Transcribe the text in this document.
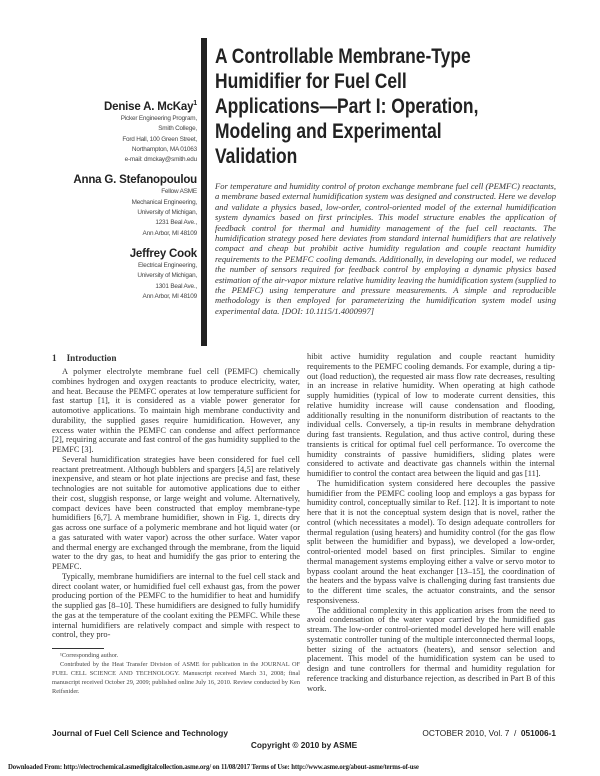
Denise A. McKay$^1$
Picker Engineering Program,
Smith College,
Ford Hall, 100 Green Street,
Northampton, MA 01063
e-mail: dmckay@smith.edu
Anna G. Stefanopoulou
Fellow ASME
Mechanical Engineering,
University of Michigan,
1231 Beal Ave.,
Ann Arbor, MI 48109
Jeffrey Cook
Electrical Engineering,
University of Michigan,
1301 Beal Ave.,
Ann Arbor, MI 48109
A Controllable Membrane-Type
Humidifier for Fuel Cell
Applications—Part I: Operation,
Modeling and Experimental
Validation
For temperature and humidity control of proton exchange membrane fuel cell (PEMFC) reactants, a membrane based external humidification system was designed and constructed. Here we develop and validate a physics based, low-order, control-oriented model of the external humidification system dynamics based on first principles. This model structure enables the application of feedback control for thermal and humidity management of the fuel cell reactants. The humidification strategy posed here deviates from standard internal humidifiers that are relatively compact and cheap but prohibit active humidity regulation and couple reactant humidity requirements to the PEMFC cooling demands. Additionally, in developing our model, we reduced the number of sensors required for feedback control by employing a dynamic physics based estimation of the air-vapor mixture relative humidity leaving the humidification system (supplied to the PEMFC) using temperature and pressure measurements. A simple and reproducible methodology is then employed for parameterizing the humidification system model using experimental data. [DOI: 10.1115/1.4000997]
1 Introduction

A polymer electrolyte membrane fuel cell (PEMFC) chemically combines hydrogen and oxygen reactants to produce electricity, water, and heat. Because the PEMFC operates at low temperature sufficient for fast startup [1], it is considered as a viable power generator for automotive applications. To maintain high membrane conductivity and durability, the supplied gases require humidification. However, any excess water within the PEMFC can condense and affect performance [2], requiring accurate and fast control of the gas humidity supplied to the PEMFC [3].

Several humidification strategies have been considered for fuel cell reactant pretreatment. Although bubblers and spargers [4,5] are relatively inexpensive, and steam or hot plate injections are precise and fast, these technologies are not suitable for automotive applications due to either their cost, sluggish response, or large weight and volume. Alternatively, compact devices have been constructed that employ membrane-type humidifiers [6,7]. A membrane humidifier, shown in Fig. 1, directs dry gas across one surface of a polymeric membrane and hot liquid water (or a gas saturated with water vapor) across the other surface. Water vapor and thermal energy are exchanged through the membrane, from the liquid water to the dry gas, to heat and humidify the gas prior to entering the PEMFC.

Typically, membrane humidifiers are internal to the fuel cell stack and direct coolant water, or humidified fuel cell exhaust gas, from the power producing portion of the PEMFC to the humidifier to heat and humidify the supplied gas [8–10]. These humidifiers are designed to fully humidify the gas at the temperature of the coolant exiting the PEMFC. While these internal humidifiers are relatively compact and simple with respect to control, they pro-

¹Corresponding author.

Contributed by the Heat Transfer Division of ASME for publication in the JOURNAL OF FUEL CELL SCIENCE AND TECHNOLOGY. Manuscript received March 31, 2008; final manuscript received October 29, 2009; published online July 16, 2010. Review conducted by Ken Reifsnider.

hibit active humidity regulation and couple reactant humidity requirements to the PEMFC cooling demands. For example, during a tip-out (load reduction), the requested air mass flow rate decreases, resulting in an increase in relative humidity. When operating at high cathode supply humidities (typical of low to moderate current densities, this relative humidity increase will cause condensation and flooding, additionally resulting in the nonuniform distribution of reactants to the individual cells. Conversely, a tip-in results in membrane dehydration during fast transients. Regulation, and thus active control, during these transients is critical for optimal fuel cell performance. To overcome the humidity constraints of passive humidifiers, sliding plates were considered to activate and deactivate gas channels within the internal humidifier to control the contact area between the liquid and gas [11].

The humidification system considered here decouples the passive humidifier from the PEMFC cooling loop and employs a gas bypass for humidity control, conceptually similar to Ref. [12]. It is important to note here that it is not the conceptual system design that is novel, rather the control (which necessitates a model). To design adequate controllers for thermal regulation (using heaters) and humidity control (for the gas flow split between the humidifier and bypass), we developed a low-order, control-oriented model based on first principles. Similar to engine thermal management systems employing either a valve or servo motor to bypass coolant around the heat exchanger [13–15], the coordination of the heaters and the bypass valve is challenging during fast transients due to the different time scales, the actuator constraints, and the sensor responsiveness.

The additional complexity in this application arises from the need to avoid condensation of the water vapor carried by the humidified gas stream. The low-order control-oriented model developed here will enable systematic controller tuning of the multiple interconnected thermal loops, better sizing of the actuators (heaters), and sensor selection and placement. This model of the humidification system can be used to design and tune controllers for thermal and humidity regulation for reference tracking and disturbance rejection, as described in Part B of this work.

Journal of Fuel Cell Science and Technology	OCTOBER 2010, Vol. 7  /  051006-1
Copyright © 2010 by ASME
Downloaded From: http://electrochemical.asmedigitalcollection.asme.org/ on 11/08/2017 Terms of Use: http://www.asme.org/about-asme/terms-of-use
